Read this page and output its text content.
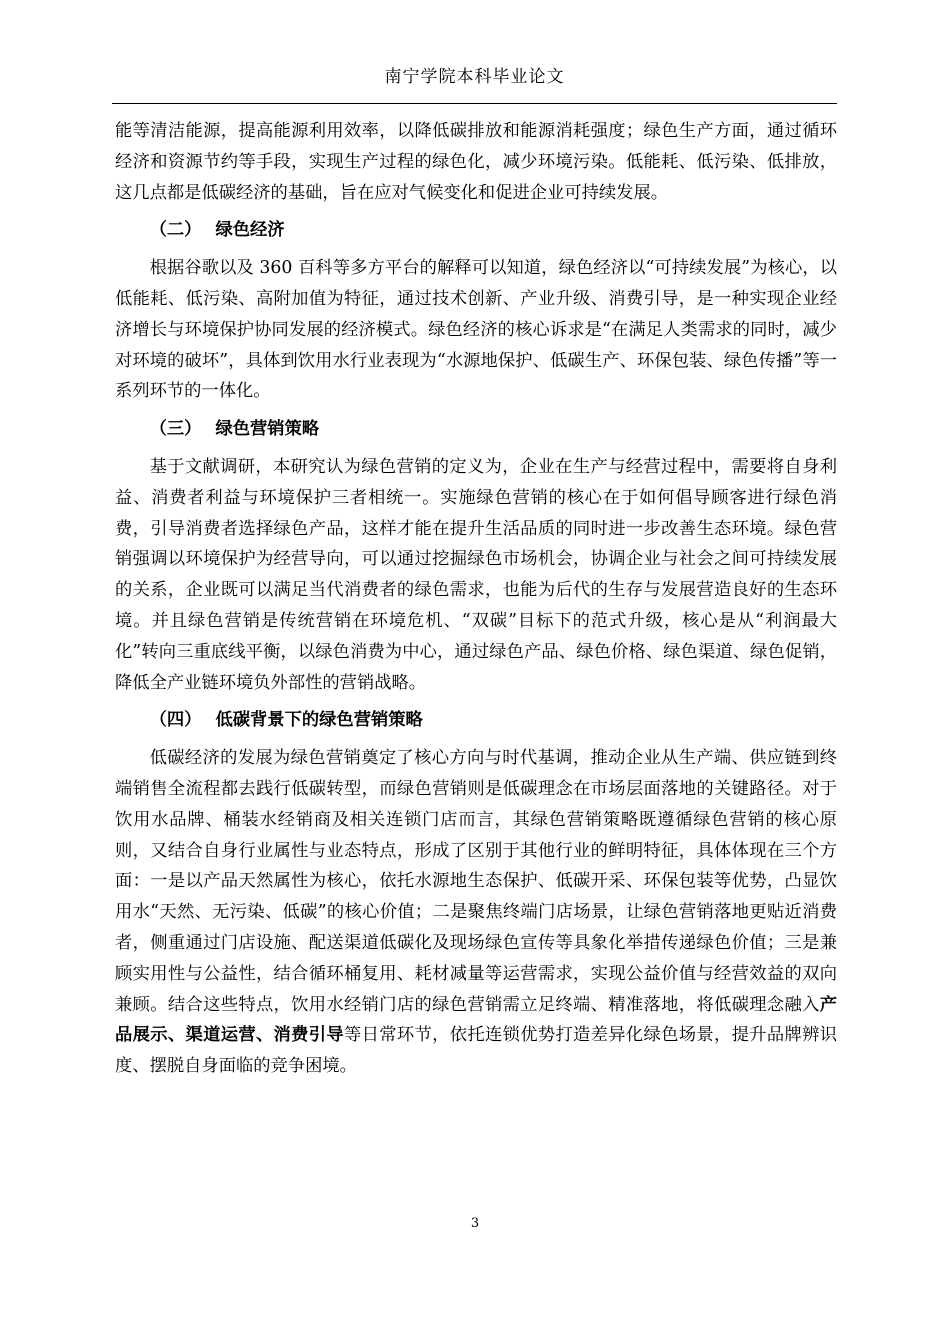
南宁学院本科毕业论文

能等清洁能源，提高能源利用效率，以降低碳排放和能源消耗强度；绿色生产方面，通过循环经济和资源节约等手段，实现生产过程的绿色化，减少环境污染。低能耗、低污染、低排放，这几点都是低碳经济的基础，旨在应对气候变化和促进企业可持续发展。

（二） 绿色经济

根据谷歌以及 360 百科等多方平台的解释可以知道，绿色经济以“可持续发展”为核心，以低能耗、低污染、高附加值为特征，通过技术创新、产业升级、消费引导，是一种实现企业经济增长与环境保护协同发展的经济模式。绿色经济的核心诉求是“在满足人类需求的同时，减少对环境的破坏”，具体到饮用水行业表现为“水源地保护、低碳生产、环保包装、绿色传播”等一系列环节的一体化。

（三） 绿色营销策略

基于文献调研，本研究认为绿色营销的定义为，企业在生产与经营过程中，需要将自身利益、消费者利益与环境保护三者相统一。实施绿色营销的核心在于如何倡导顾客进行绿色消费，引导消费者选择绿色产品，这样才能在提升生活品质的同时进一步改善生态环境。绿色营销强调以环境保护为经营导向，可以通过挖掘绿色市场机会，协调企业与社会之间可持续发展的关系，企业既可以满足当代消费者的绿色需求，也能为后代的生存与发展营造良好的生态环境。并且绿色营销是传统营销在环境危机、“双碳”目标下的范式升级，核心是从“利润最大化”转向三重底线平衡，以绿色消费为中心，通过绿色产品、绿色价格、绿色渠道、绿色促销，降低全产业链环境负外部性的营销战略。

（四） 低碳背景下的绿色营销策略

低碳经济的发展为绿色营销奠定了核心方向与时代基调，推动企业从生产端、供应链到终端销售全流程都去践行低碳转型，而绿色营销则是低碳理念在市场层面落地的关键路径。对于饮用水品牌、桶装水经销商及相关连锁门店而言，其绿色营销策略既遵循绿色营销的核心原则，又结合自身行业属性与业态特点，形成了区别于其他行业的鲜明特征，具体体现在三个方面：一是以产品天然属性为核心，依托水源地生态保护、低碳开采、环保包装等优势，凸显饮用水“天然、无污染、低碳”的核心价值；二是聚焦终端门店场景，让绿色营销落地更贴近消费者，侧重通过门店设施、配送渠道低碳化及现场绿色宣传等具象化举措传递绿色价值；三是兼顾实用性与公益性，结合循环桶复用、耗材减量等运营需求，实现公益价值与经营效益的双向兼顾。结合这些特点，饮用水经销门店的绿色营销需立足终端、精准落地，将低碳理念融入产品展示、渠道运营、消费引导等日常环节，依托连锁优势打造差异化绿色场景，提升品牌辨识度、摆脱自身面临的竞争困境。

3
